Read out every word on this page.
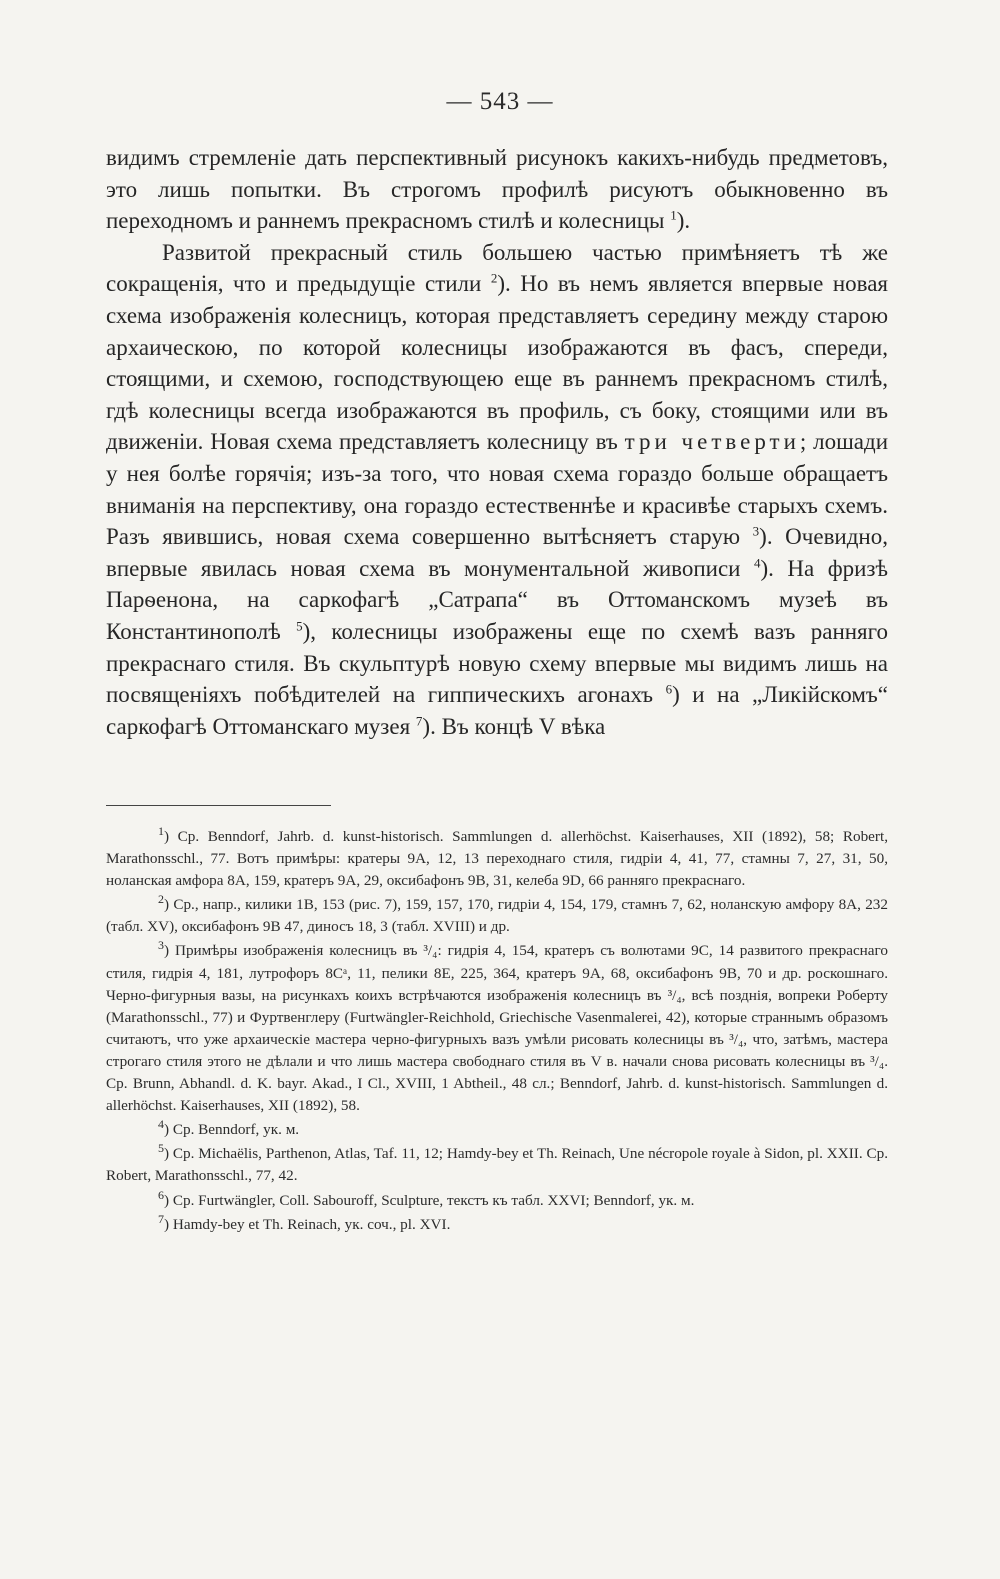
— 543 —

видимъ стремленіе дать перспективный рисунокъ какихъ-нибудь предметовъ, это лишь попытки. Въ строгомъ профилѣ рисуютъ обыкновенно въ переходномъ и раннемъ прекрасномъ стилѣ и колесницы $^1$).

Развитой прекрасный стиль большею частью примѣняетъ тѣ же сокращенія, что и предыдущіе стили $^2$). Но въ немъ является впервые новая схема изображенія колесницъ, которая представляетъ середину между старою архаическою, по которой колесницы изображаются въ фасъ, спереди, стоящими, и схемою, господствующею еще въ раннемъ прекрасномъ стилѣ, гдѣ колесницы всегда изображаются въ профиль, съ боку, стоящими или въ движеніи. Новая схема представляетъ колесницу въ три четверти; лошади у нея болѣе горячія; изъ-за того, что новая схема гораздо больше обращаетъ вниманія на перспективу, она гораздо естественнѣе и красивѣе старыхъ схемъ. Разъ явившись, новая схема совершенно вытѣсняетъ старую $^3$). Очевидно, впервые явилась новая схема въ монументальной живописи $^4$). На фризѣ Парѳенона, на саркофагѣ „Сатрапа“ въ Оттоманскомъ музеѣ въ Константинополѣ $^5$), колесницы изображены еще по схемѣ вазъ ранняго прекраснаго стиля. Въ скульптурѣ новую схему впервые мы видимъ лишь на посвященіяхъ побѣдителей на гиппическихъ агонахъ $^6$) и на „Ликійскомъ“ саркофагѣ Оттоманскаго музея $^7$). Въ концѣ V вѣка

$^1$) Cp. Benndorf, Jahrb. d. kunst-historisch. Sammlungen d. allerhöchst. Kaiserhauses, XII (1892), 58; Robert, Marathonsschl., 77. Вотъ примѣры: кратеры 9А, 12, 13 переходнаго стиля, гидріи 4, 41, 77, стамны 7, 27, 31, 50, ноланская амфора 8А, 159, кратеръ 9А, 29, оксибафонъ 9В, 31, келеба 9D, 66 ранняго прекраснаго.

$^2$) Ср., напр., килики 1В, 153 (рис. 7), 159, 157, 170, гидріи 4, 154, 179, стамнъ 7, 62, ноланскую амфору 8А, 232 (табл. XV), оксибафонъ 9В 47, диносъ 18, 3 (табл. XVIII) и др.

$^3$) Примѣры изображенія колесницъ въ ³/₄: гидрія 4, 154, кратеръ съ волютами 9С, 14 развитого прекраснаго стиля, гидрія 4, 181, лутрофоръ 8Сᵃ, 11, пелики 8Е, 225, 364, кратеръ 9А, 68, оксибафонъ 9В, 70 и др. роскошнаго. Черно-фигурныя вазы, на рисункахъ коихъ встрѣчаются изображенія колесницъ въ ³/₄, всѣ позднія, вопреки Роберту (Marathonsschl., 77) и Фуртвенглеру (Furtwängler-Reichhold, Griechische Vasenmalerei, 42), которые страннымъ образомъ считаютъ, что уже архаическіе мастера черно-фигурныхъ вазъ умѣли рисовать колесницы въ ³/₄, что, затѣмъ, мастера строгаго стиля этого не дѣлали и что лишь мастера свободнаго стиля въ V в. начали снова рисовать колесницы въ ³/₄. Cp. Brunn, Abhandl. d. K. bayr. Akad., I Cl., XVIII, 1 Abtheil., 48 сл.; Benndorf, Jahrb. d. kunst-historisch. Sammlungen d. allerhöchst. Kaiserhauses, XII (1892), 58.

$^4$) Cp. Benndorf, ук. м.

$^5$) Cp. Michaëlis, Parthenon, Atlas, Taf. 11, 12; Hamdy-bey et Th. Reinach, Une nécropole royale à Sidon, pl. XXII. Cp. Robert, Marathonsschl., 77, 42.

$^6$) Cp. Furtwängler, Coll. Sabouroff, Sculpture, текстъ къ табл. XXVI; Benndorf, ук. м.

$^7$) Hamdy-bey et Th. Reinach, ук. соч., pl. XVI.
